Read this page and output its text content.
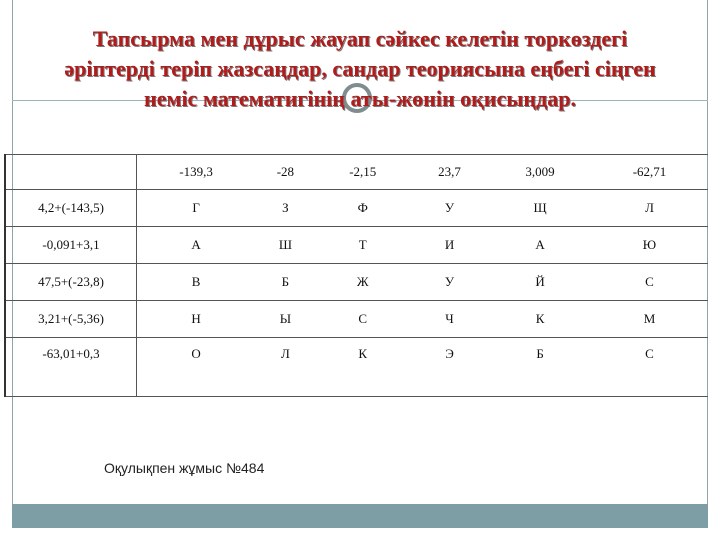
Тапсырма мен дұрыс жауап сәйкес келетін торкөздегі
әріптерді теріп жазсаңдар, сандар теориясына еңбегі сіңген
неміс математигінің аты-жөнін оқисыңдар.
	-139,3	-28	-2,15	23,7	3,009	-62,71
4,2+(-143,5)	Г	З	Ф	У	Щ	Л
-0,091+3,1	А	Ш	Т	И	А	Ю
47,5+(-23,8)	В	Б	Ж	У	Й	С
3,21+(-5,36)	Н	Ы	С	Ч	К	М
-63,01+0,3	О	Л	К	Э	Б	С
Оқулықпен жұмыс №484
